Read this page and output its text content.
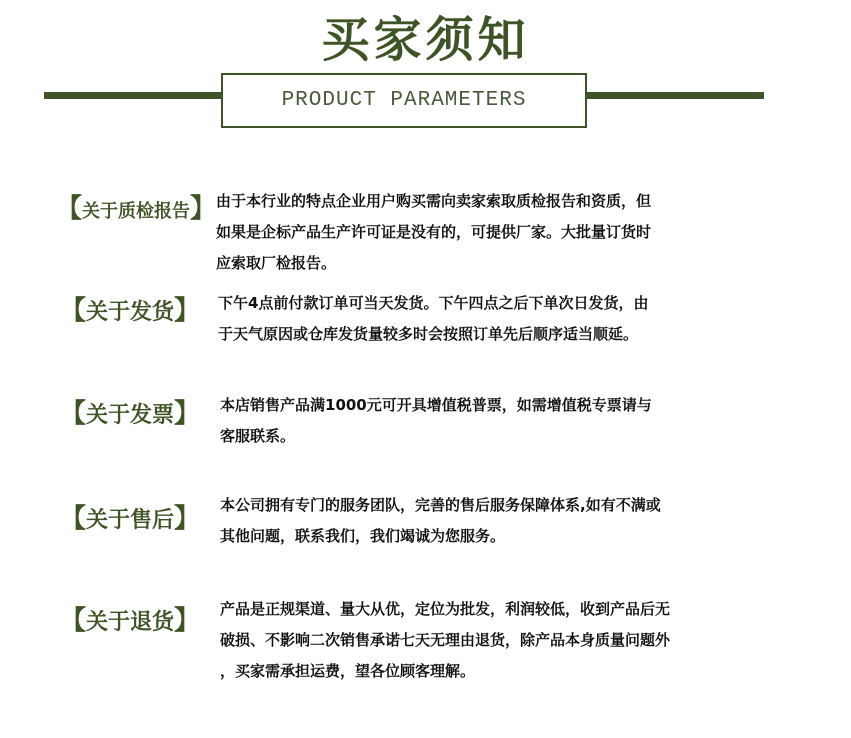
买家须知
PRODUCT PARAMETERS
【关于质检报告】 由于本行业的特点企业用户购买需向卖家索取质检报告和资质，但

如果是企标产品生产许可证是没有的，可提供厂家。大批量订货时

应索取厂检报告。

【关于发货】 下午4点前付款订单可当天发货。下午四点之后下单次日发货，由

于天气原因或仓库发货量较多时会按照订单先后顺序适当顺延。

【关于发票】 本店销售产品满1000元可开具增值税普票，如需增值税专票请与

客服联系。

【关于售后】 本公司拥有专门的服务团队，完善的售后服务保障体系,如有不满或

其他问题，联系我们，我们竭诚为您服务。

【关于退货】 产品是正规渠道、量大从优，定位为批发，利润较低，收到产品后无

破损、不影响二次销售承诺七天无理由退货，除产品本身质量问题外

，买家需承担运费，望各位顾客理解。
